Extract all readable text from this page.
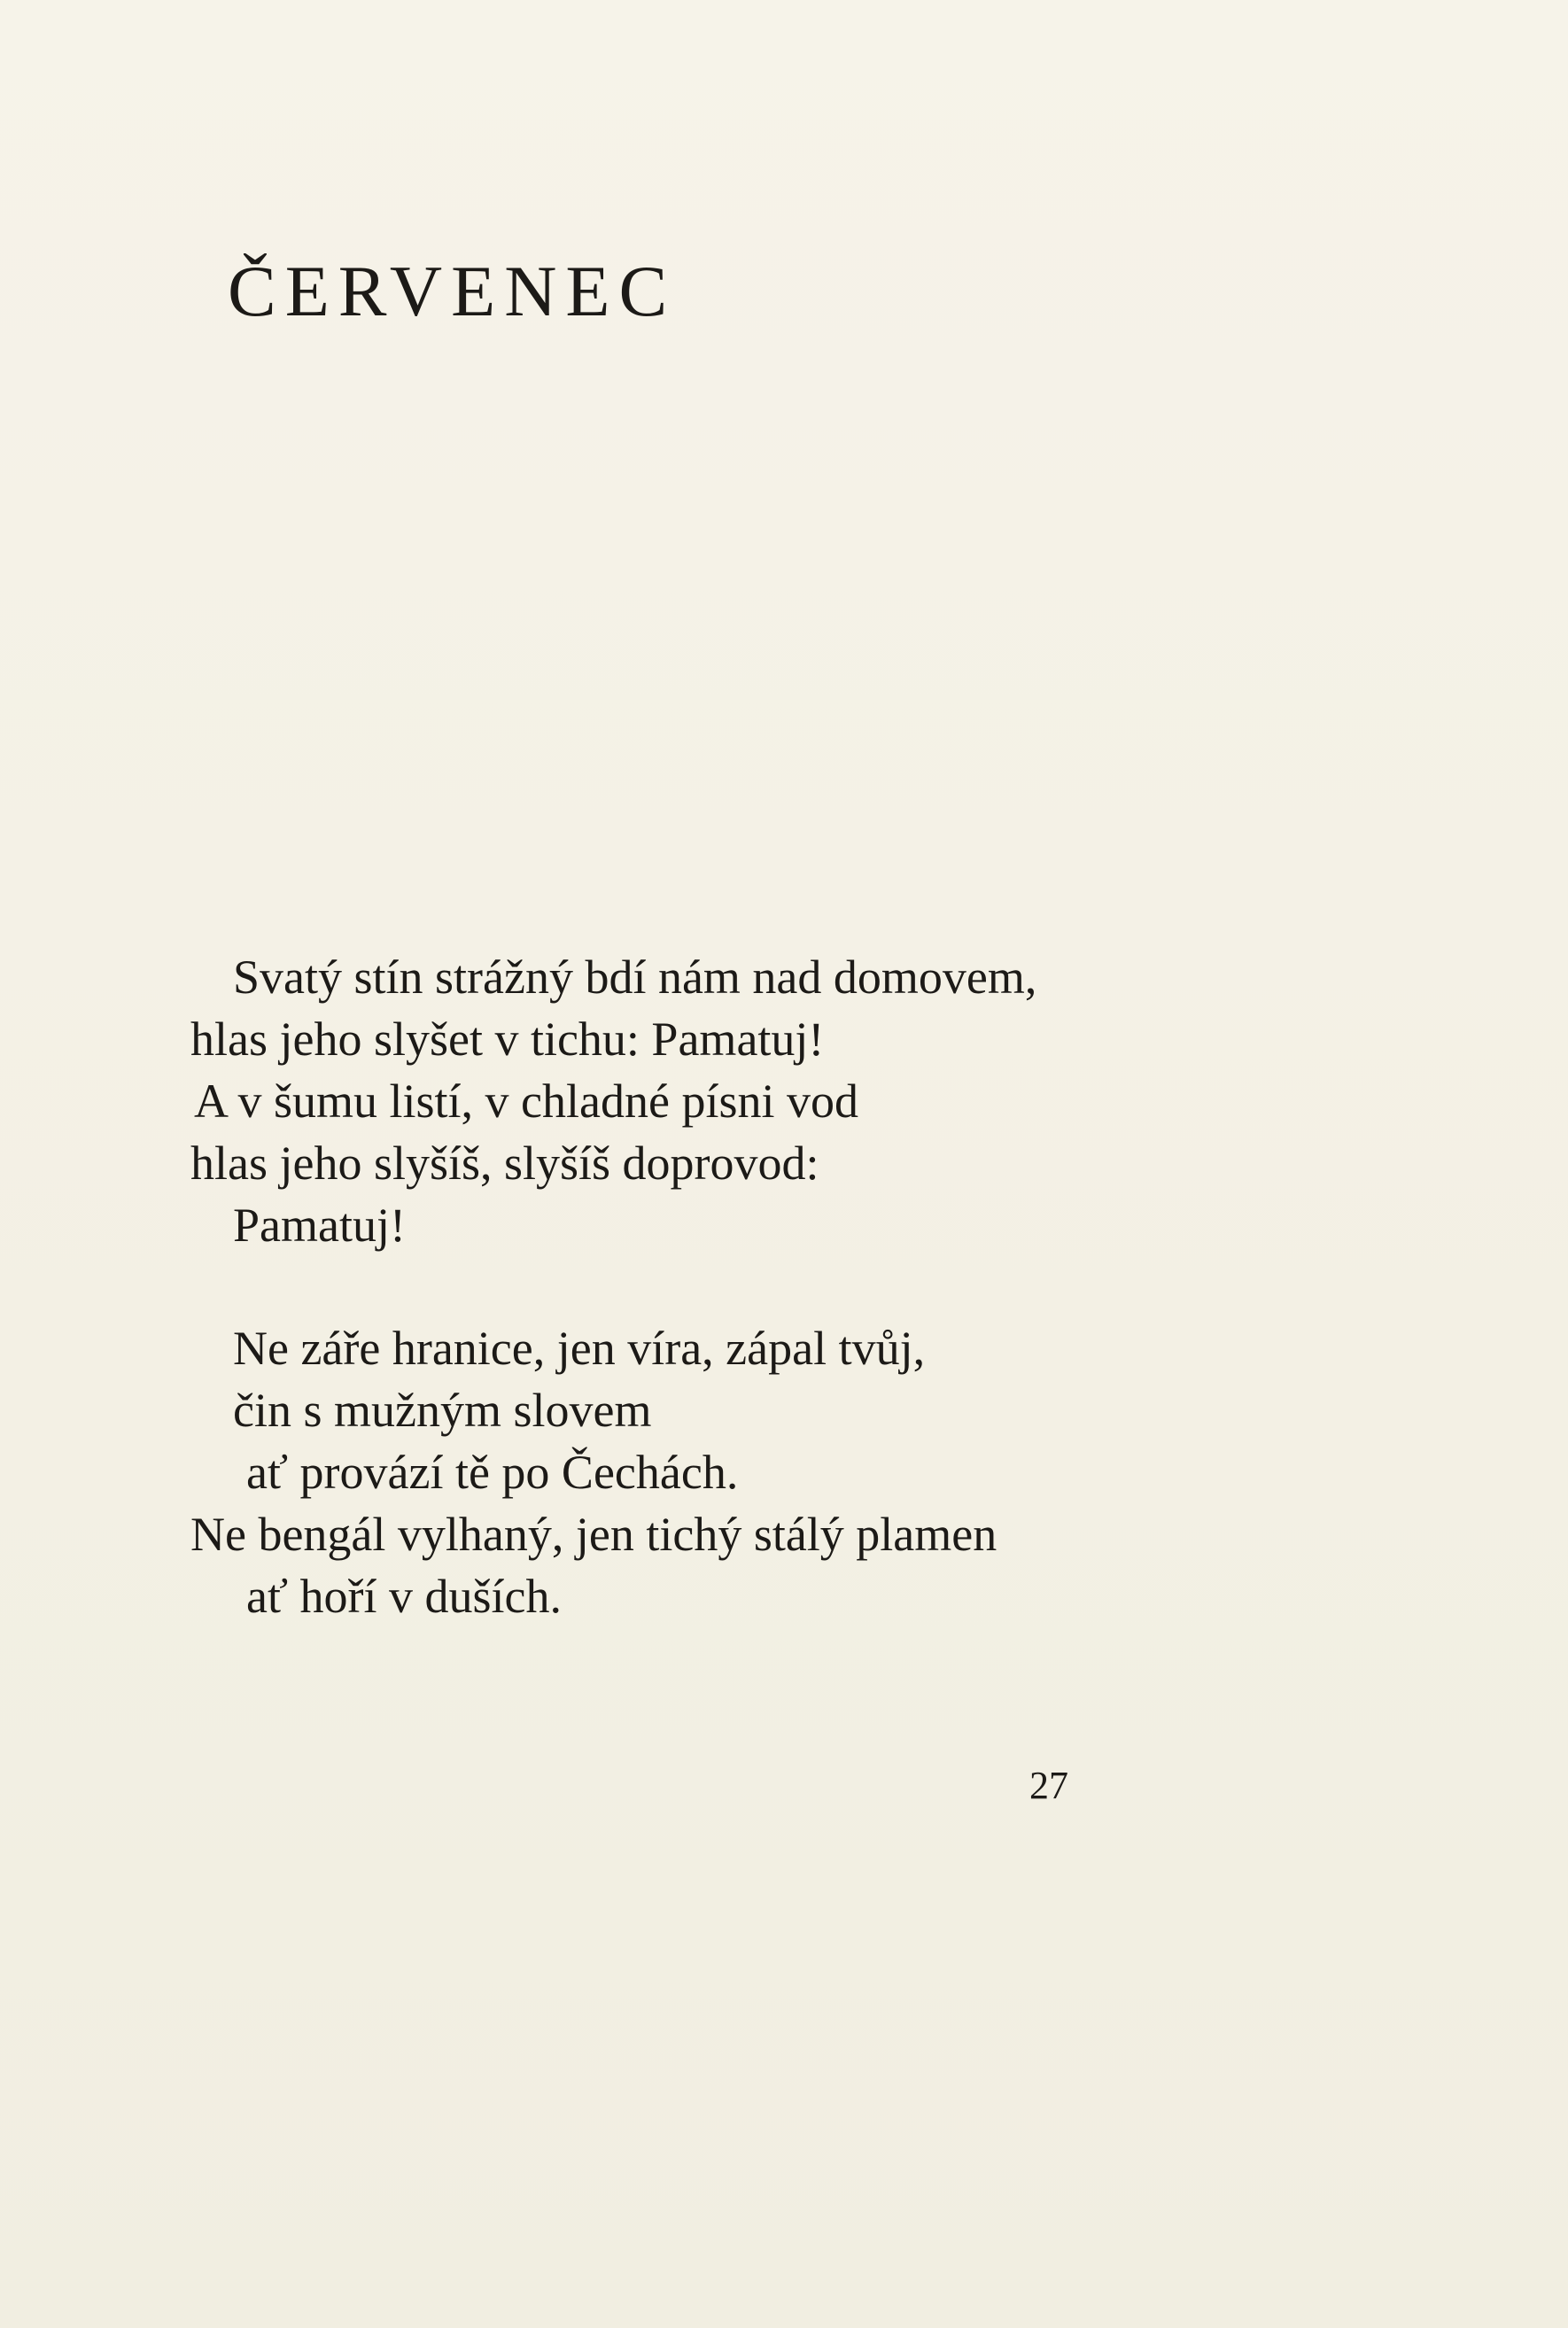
ČERVENEC
Svatý stín strážný bdí nám nad domovem,
hlas jeho slyšet v tichu: Pamatuj!
A v šumu listí, v chladné písni vod
hlas jeho slyšíš, slyšíš doprovod:
Pamatuj!
Ne záře hranice, jen víra, zápal tvůj,
čin s mužným slovem
ať provází tě po Čechách.
Ne bengál vylhaný, jen tichý stálý plamen
ať hoří v duších.

27
